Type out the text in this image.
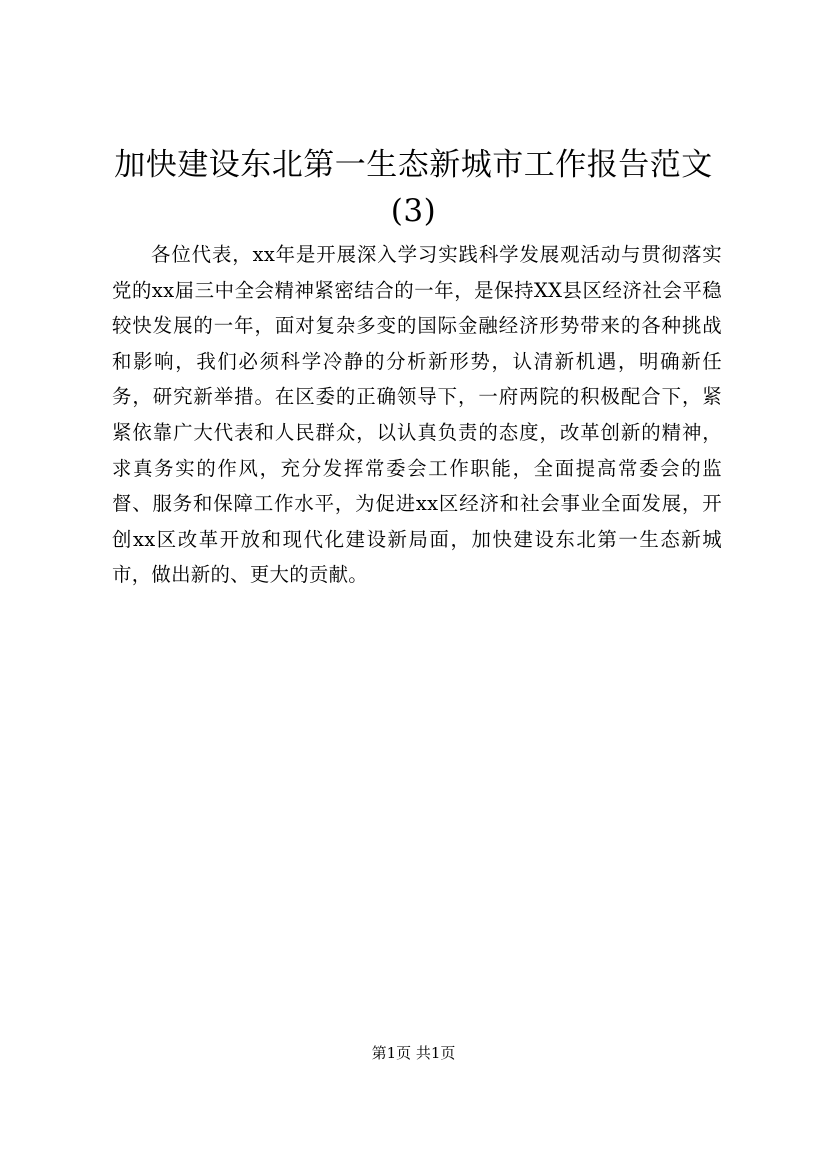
加快建设东北第一生态新城市工作报告范文
(3)

各位代表，xx年是开展深入学习实践科学发展观活动与贯彻落实党的xx届三中全会精神紧密结合的一年，是保持XX县区经济社会平稳较快发展的一年，面对复杂多变的国际金融经济形势带来的各种挑战和影响，我们必须科学冷静的分析新形势，认清新机遇，明确新任务，研究新举措。在区委的正确领导下，一府两院的积极配合下，紧紧依靠广大代表和人民群众，以认真负责的态度，改革创新的精神，求真务实的作风，充分发挥常委会工作职能，全面提高常委会的监督、服务和保障工作水平，为促进xx区经济和社会事业全面发展，开创xx区改革开放和现代化建设新局面，加快建设东北第一生态新城市，做出新的、更大的贡献。

第1页 共1页
